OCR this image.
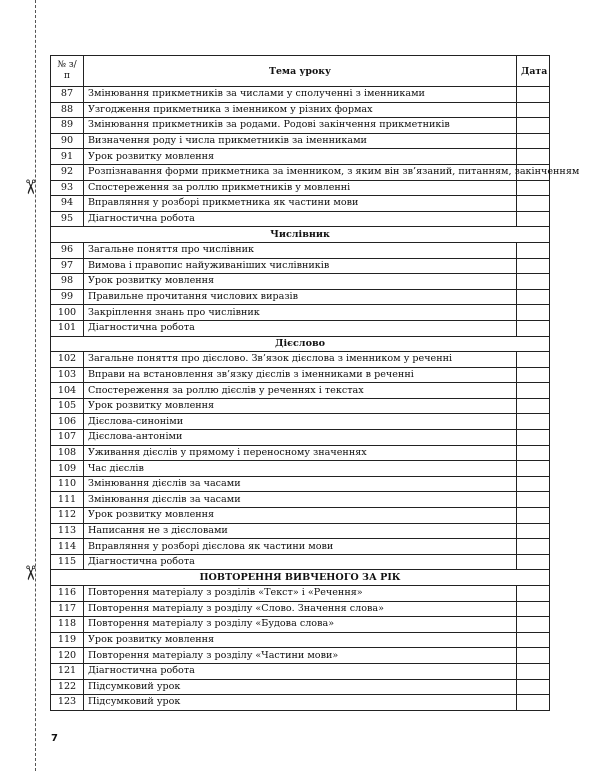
✂
✂
№ з/п	Тема уроку	Дата
87	Змінювання прикметників за числами у сполученні з іменниками	
88	Узгодження прикметника з іменником у різних формах	
89	Змінювання прикметників за родами. Родові закінчення прикметників	
90	Визначення роду і числа прикметників за іменниками	
91	Урок розвитку мовлення	
92	Розпізнавання форми прикметника за іменником, з яким він зв’язаний, питанням, закінченням	
93	Спостереження за роллю прикметників у мовленні	
94	Вправляння у розборі прикметника як частини мови	
95	Діагностична робота	
Числівник		
96	Загальне поняття про числівник	
97	Вимова і правопис найуживаніших числівників	
98	Урок розвитку мовлення	
99	Правильне прочитання числових виразів	
100	Закріплення знань про числівник	
101	Діагностична робота	
Дієслово		
102	Загальне поняття про дієслово. Зв’язок дієслова з іменником у реченні	
103	Вправи на встановлення зв’язку дієслів з іменниками в реченні	
104	Спостереження за роллю дієслів у реченнях і текстах	
105	Урок розвитку мовлення	
106	Дієслова-синоніми	
107	Дієслова-антоніми	
108	Уживання дієслів у прямому і переносному значеннях	
109	Час дієслів	
110	Змінювання дієслів за часами	
111	Змінювання дієслів за часами	
112	Урок розвитку мовлення	
113	Написання не з дієсловами	
114	Вправляння у розборі дієслова як частини мови	
115	Діагностична робота	
ПОВТОРЕННЯ ВИВЧЕНОГО ЗА РІК		
116	Повторення матеріалу з розділів «Текст» і «Речення»	
117	Повторення матеріалу з розділу «Слово. Значення слова»	
118	Повторення матеріалу з розділу «Будова слова»	
119	Урок розвитку мовлення	
120	Повторення матеріалу з розділу «Частини мови»	
121	Діагностична робота	
122	Підсумковий урок	
123	Підсумковий урок	
7
